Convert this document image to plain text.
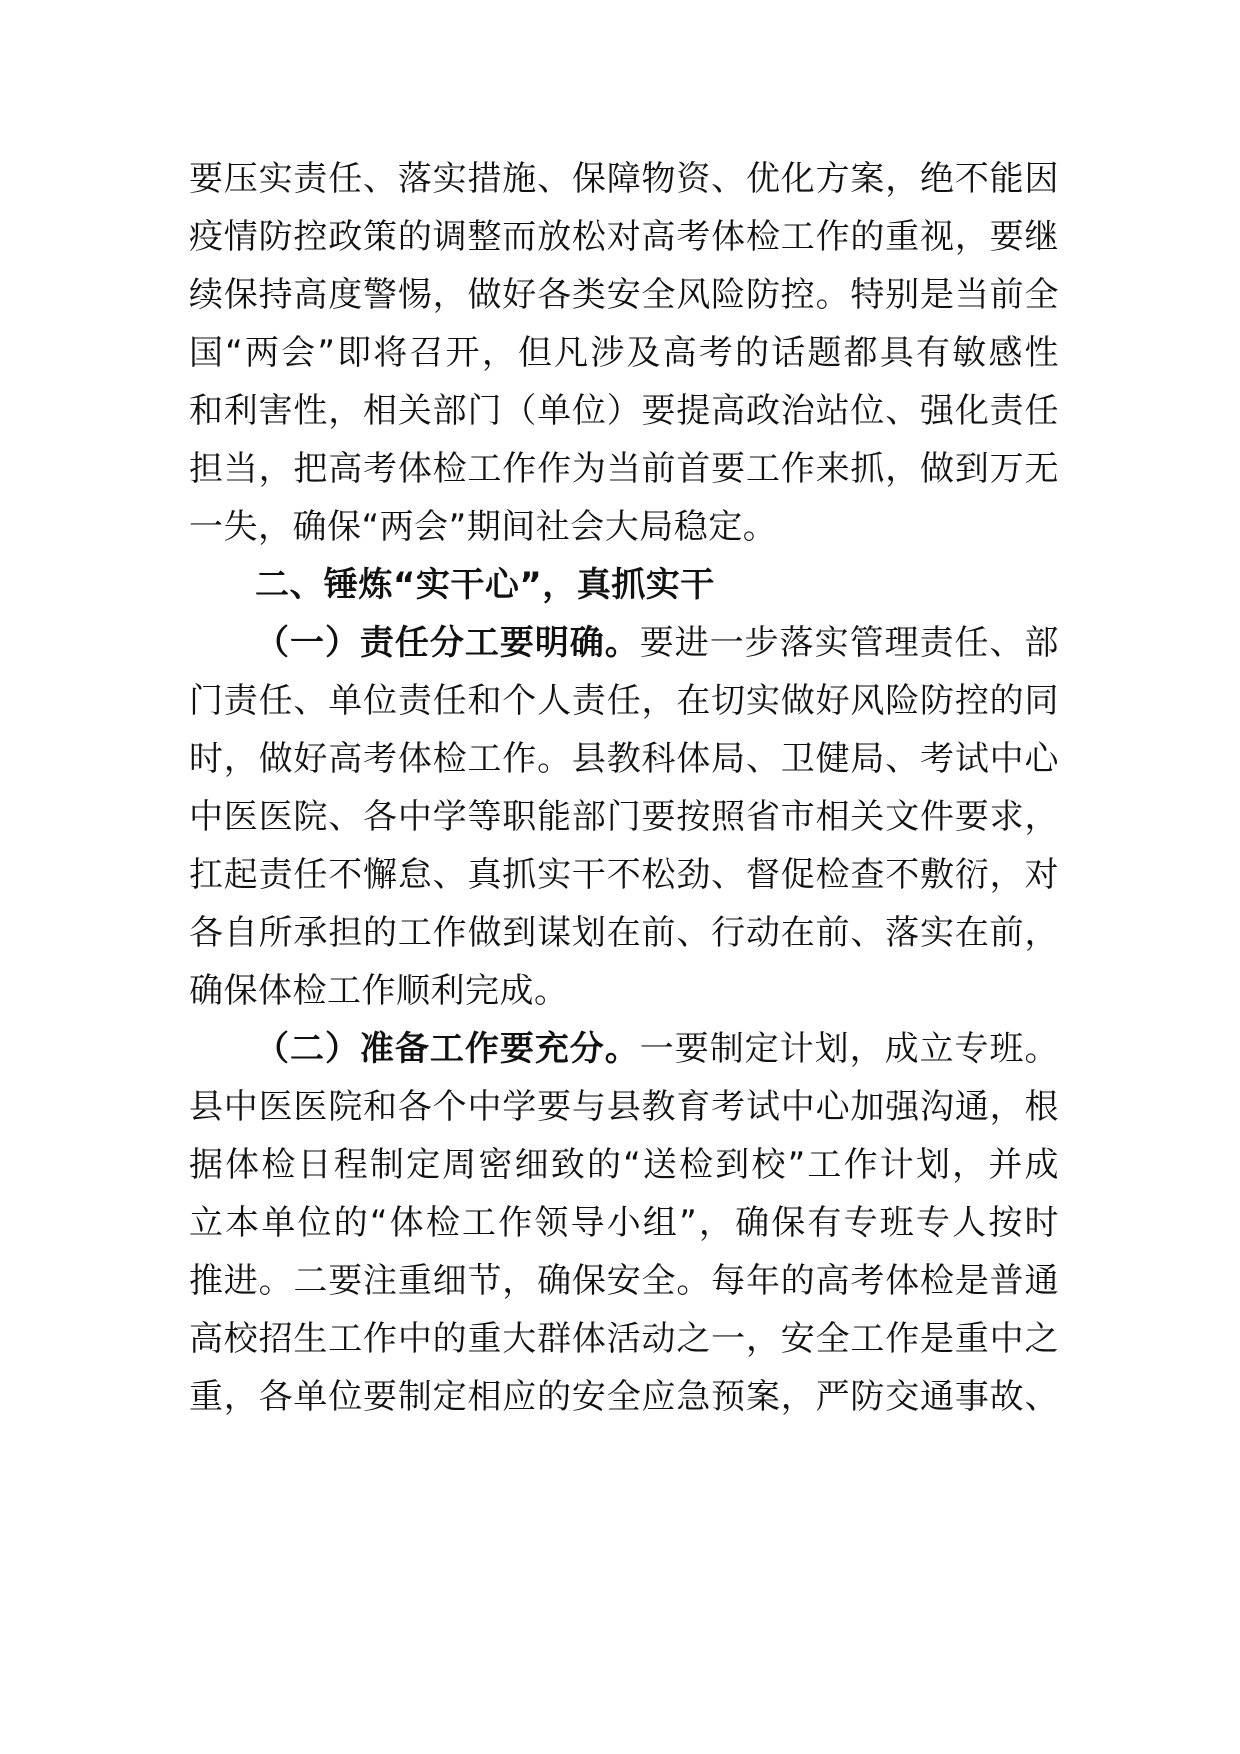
要压实责任、落实措施、保障物资、优化方案，绝不能因
疫情防控政策的调整而放松对高考体检工作的重视，要继
续保持高度警惕，做好各类安全风险防控。特别是当前全
国“两会”即将召开，但凡涉及高考的话题都具有敏感性
和利害性，相关部门（单位）要提高政治站位、强化责任
担当，把高考体检工作作为当前首要工作来抓，做到万无
一失，确保“两会”期间社会大局稳定。
二、锤炼“实干心”，真抓实干
（一）责任分工要明确。要进一步落实管理责任、部
门责任、单位责任和个人责任，在切实做好风险防控的同
时，做好高考体检工作。县教科体局、卫健局、考试中心
中医医院、各中学等职能部门要按照省市相关文件要求，
扛起责任不懈怠、真抓实干不松劲、督促检查不敷衍，对
各自所承担的工作做到谋划在前、行动在前、落实在前，
确保体检工作顺利完成。
（二）准备工作要充分。一要制定计划，成立专班。
县中医医院和各个中学要与县教育考试中心加强沟通，根
据体检日程制定周密细致的“送检到校”工作计划，并成
立本单位的“体检工作领导小组”，确保有专班专人按时
推进。二要注重细节，确保安全。每年的高考体检是普通
高校招生工作中的重大群体活动之一，安全工作是重中之
重，各单位要制定相应的安全应急预案，严防交通事故、
